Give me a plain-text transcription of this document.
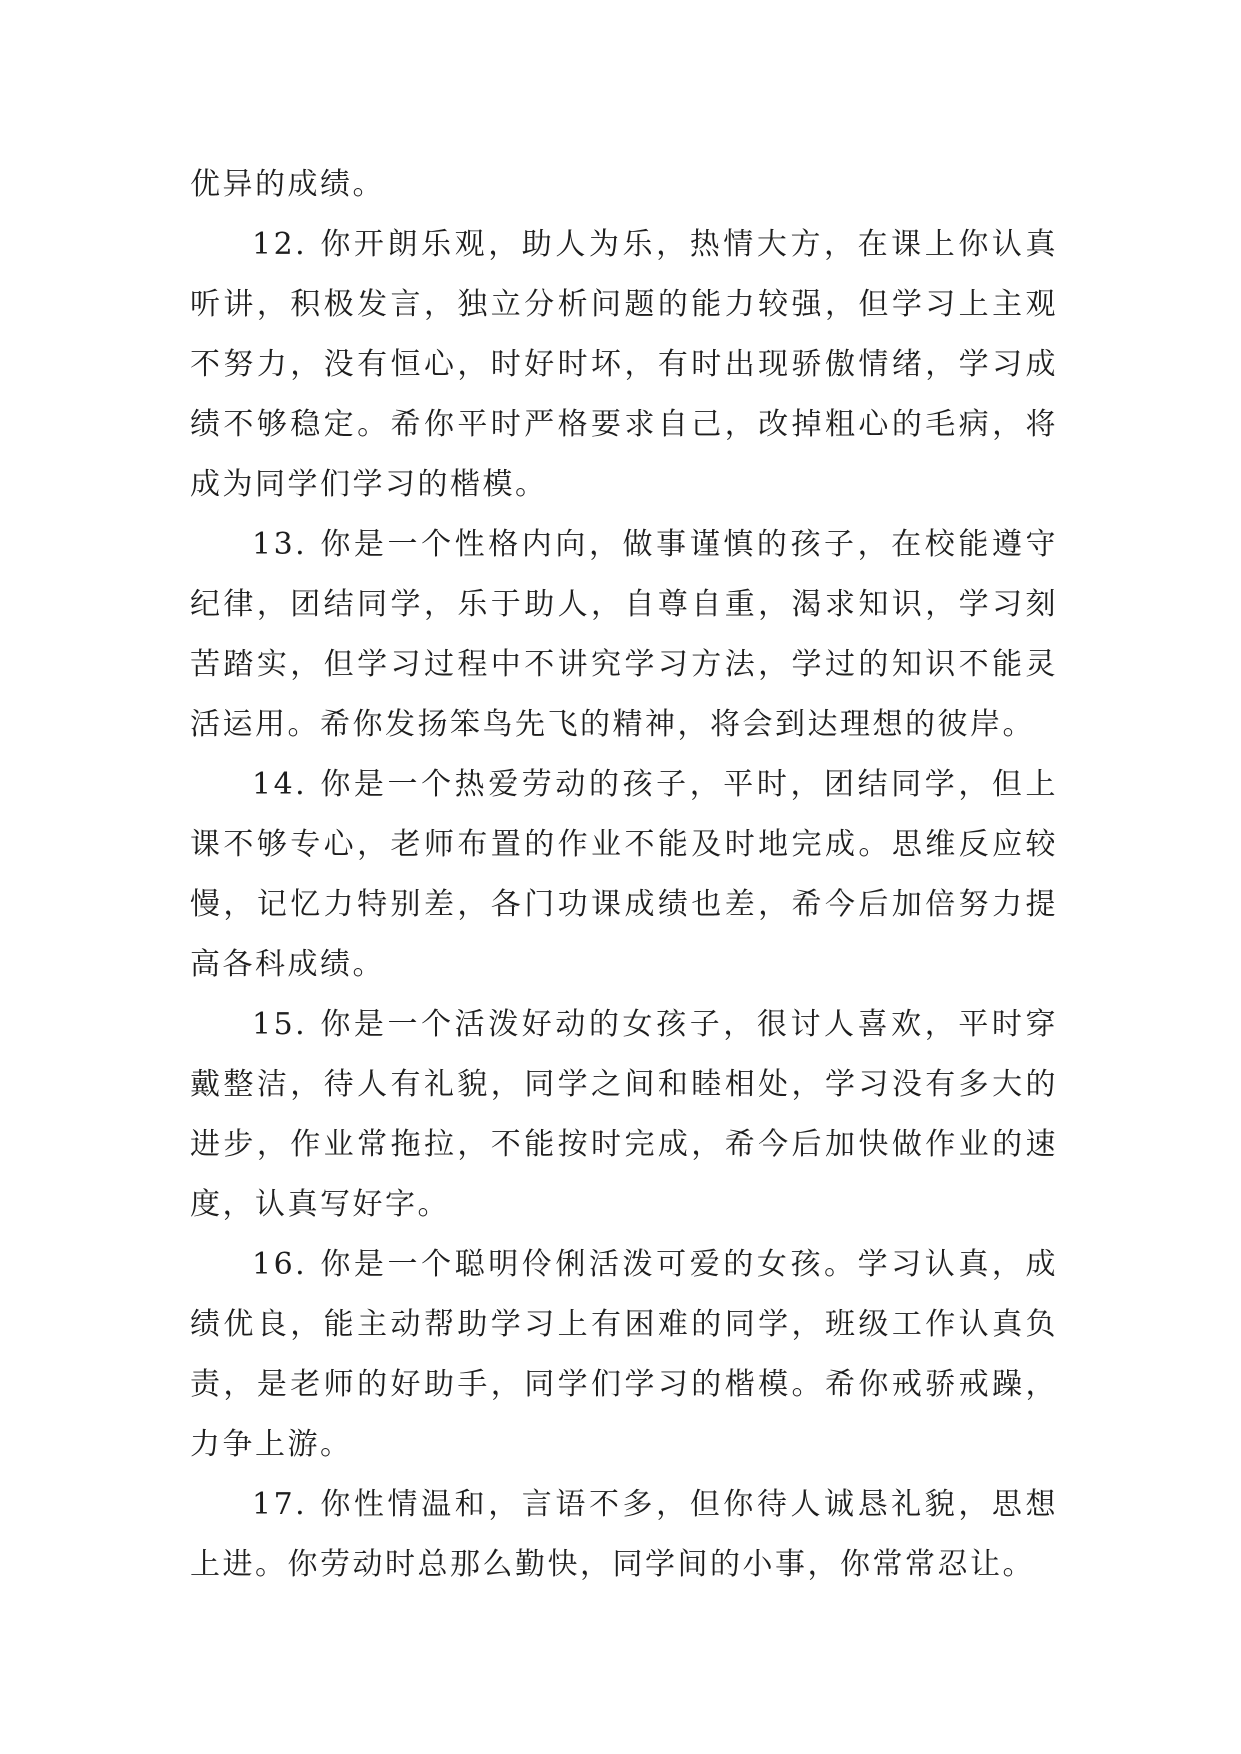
优异的成绩。

12. 你开朗乐观，助人为乐，热情大方，在课上你认真听讲，积极发言，独立分析问题的能力较强，但学习上主观不努力，没有恒心，时好时坏，有时出现骄傲情绪，学习成绩不够稳定。希你平时严格要求自己，改掉粗心的毛病，将成为同学们学习的楷模。

13. 你是一个性格内向，做事谨慎的孩子，在校能遵守纪律，团结同学，乐于助人，自尊自重，渴求知识，学习刻苦踏实，但学习过程中不讲究学习方法，学过的知识不能灵活运用。希你发扬笨鸟先飞的精神，将会到达理想的彼岸。

14. 你是一个热爱劳动的孩子，平时，团结同学，但上课不够专心，老师布置的作业不能及时地完成。思维反应较慢，记忆力特别差，各门功课成绩也差，希今后加倍努力提高各科成绩。

15. 你是一个活泼好动的女孩子，很讨人喜欢，平时穿戴整洁，待人有礼貌，同学之间和睦相处，学习没有多大的进步，作业常拖拉，不能按时完成，希今后加快做作业的速度，认真写好字。

16. 你是一个聪明伶俐活泼可爱的女孩。学习认真，成绩优良，能主动帮助学习上有困难的同学，班级工作认真负责，是老师的好助手，同学们学习的楷模。希你戒骄戒躁，力争上游。

17. 你性情温和，言语不多，但你待人诚恳礼貌，思想上进。你劳动时总那么勤快，同学间的小事，你常常忍让。
